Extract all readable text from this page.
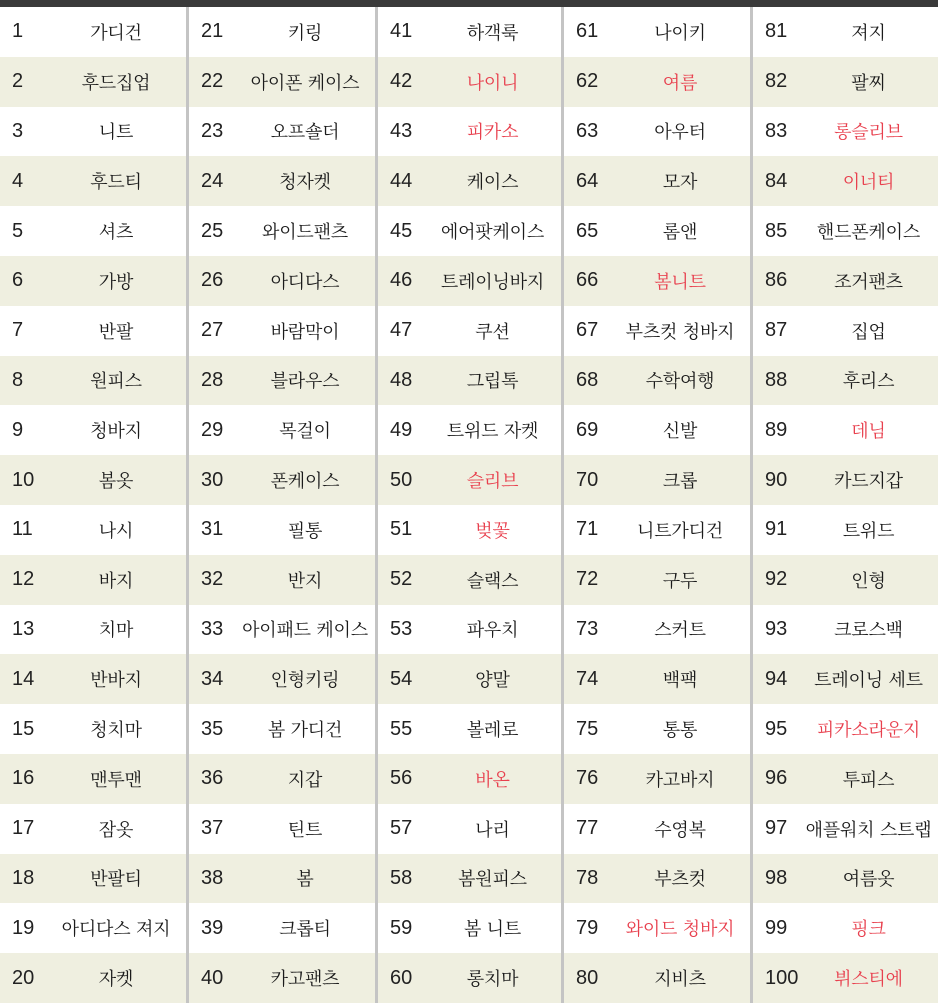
1	가디건
2	후드집업
3	니트
4	후드티
5	셔츠
6	가방
7	반팔
8	원피스
9	청바지
10	봄옷
11	나시
12	바지
13	치마
14	반바지
15	청치마
16	맨투맨
17	잠옷
18	반팔티
19	아디다스 져지
20	자켓
21	키링
22	아이폰 케이스
23	오프숄더
24	청자켓
25	와이드팬츠
26	아디다스
27	바람막이
28	블라우스
29	목걸이
30	폰케이스
31	필통
32	반지
33	아이패드 케이스
34	인형키링
35	봄 가디건
36	지갑
37	틴트
38	봄
39	크롭티
40	카고팬츠
41	하객룩
42	나이니
43	피카소
44	케이스
45	에어팟케이스
46	트레이닝바지
47	쿠션
48	그립톡
49	트위드 자켓
50	슬리브
51	벚꽃
52	슬랙스
53	파우치
54	양말
55	볼레로
56	바온
57	나리
58	봄원피스
59	봄 니트
60	롱치마
61	나이키
62	여름
63	아우터
64	모자
65	롬앤
66	봄니트
67	부츠컷 청바지
68	수학여행
69	신발
70	크롭
71	니트가디건
72	구두
73	스커트
74	백팩
75	통통
76	카고바지
77	수영복
78	부츠컷
79	와이드 청바지
80	지비츠
81	져지
82	팔찌
83	롱슬리브
84	이너티
85	핸드폰케이스
86	조거팬츠
87	집업
88	후리스
89	데님
90	카드지갑
91	트위드
92	인형
93	크로스백
94	트레이닝 세트
95	피카소라운지
96	투피스
97	애플워치 스트랩
98	여름옷
99	핑크
100	뷔스티에
